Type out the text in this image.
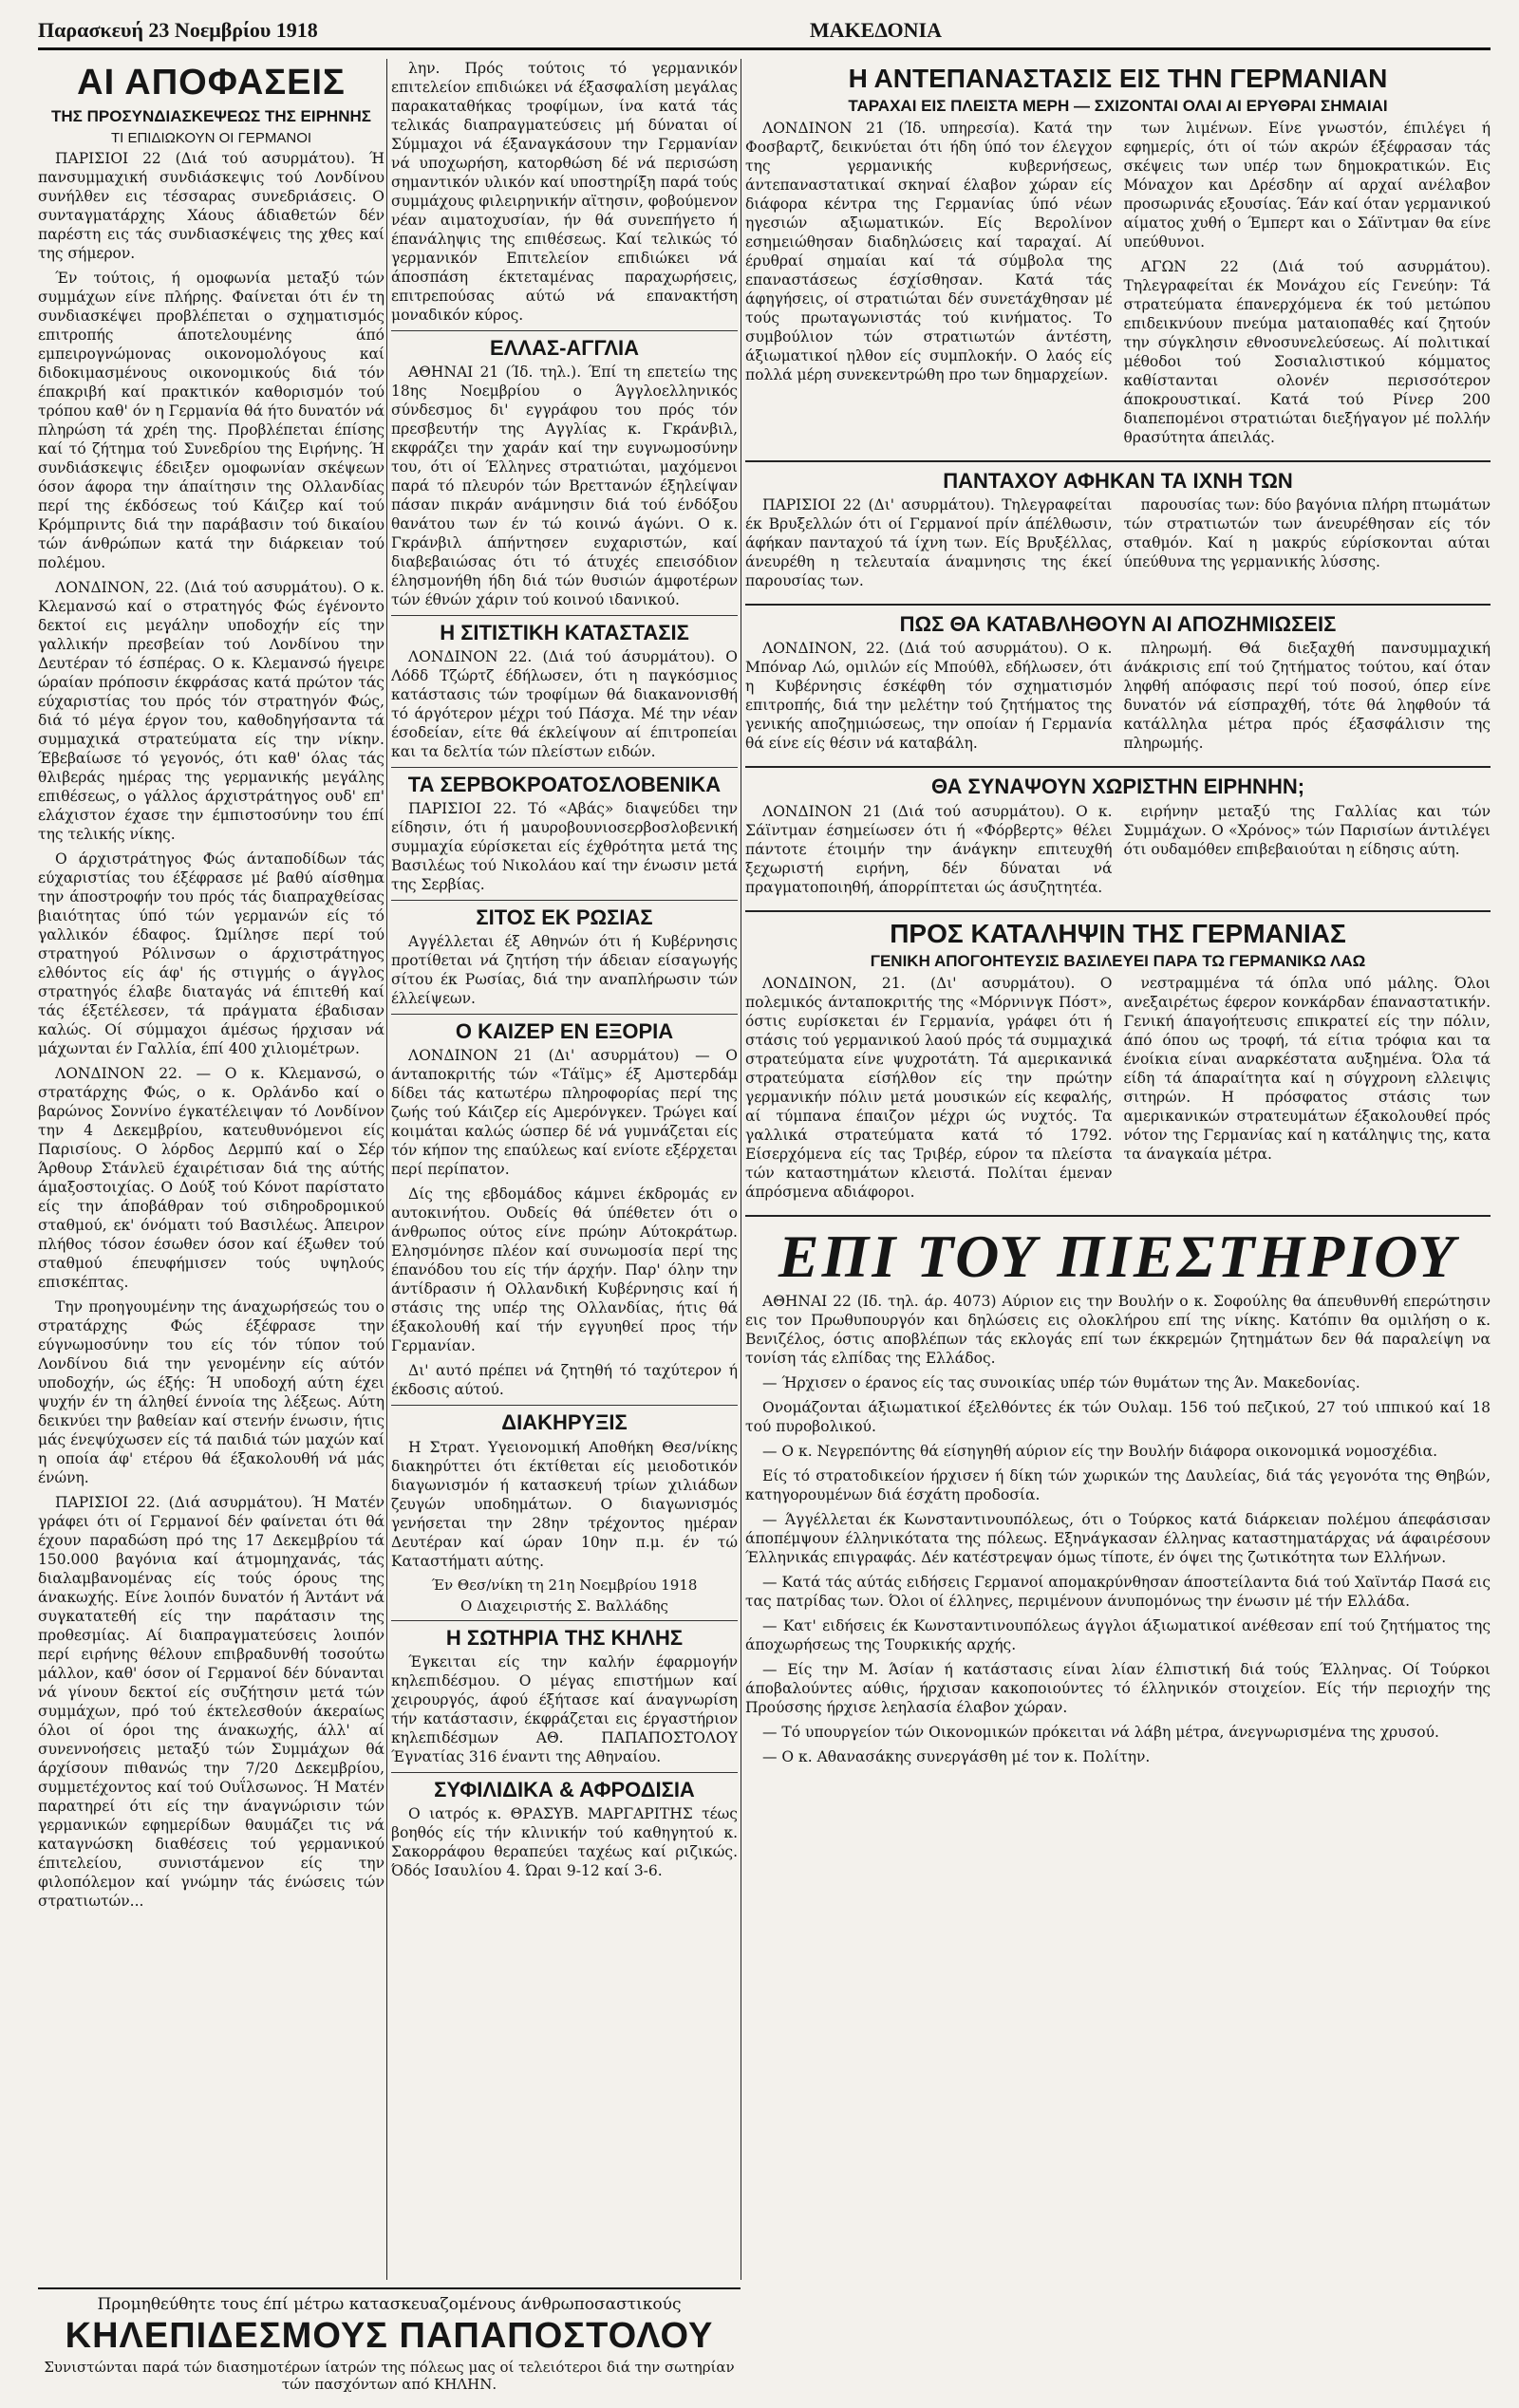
Παρασκευή 23 Νοεμβρίου 1918	ΜΑΚΕΔΟΝΙΑ
ΑΙ ΑΠΟΦΑΣΕΙΣ
ΤΗΣ ΠΡΟΣΥΝΔΙΑΣΚΕΨΕΩΣ ΤΗΣ ΕΙΡΗΝΗΣ
ΤΙ ΕΠΙΔΙΩΚΟΥΝ ΟΙ ΓΕΡΜΑΝΟΙ

ΠΑΡΙΣΙΟΙ 22 (Διά τού ασυρμάτου). Ή πανσυμμαχική συνδιάσκεψις τού Λονδίνου συνήλθεν εις τέσσαρας συνεδριάσεις. Ο συνταγματάρχης Χάους άδιαθετών δέν παρέστη εις τάς συνδιασκέψεις της χθες καί της σήμερον.

Έν τούτοις, ή ομοφωνία μεταξύ τών συμμάχων είνε πλήρης. Φαίνεται ότι έν τη συνδιασκέψει προβλέπεται ο σχηματισμός επιτροπής άποτελουμένης άπό εμπειρογνώμονας οικονομολόγους καί διδοκιμασμένους οικονομικούς διά τόν έπακριβή καί πρακτικόν καθορισμόν τού τρόπου καθ' όν η Γερμανία θά ήτο δυνατόν νά πληρώση τά χρέη της. Προβλέπεται έπίσης καί τό ζήτημα τού Συνεδρίου της Ειρήνης. Ή συνδιάσκεψις έδειξεν ομοφωνίαν σκέψεων όσον άφορα την άπαίτησιν της Ολλανδίας περί της έκδόσεως τού Κάιζερ καί τού Κρόμπριντς διά την παράβασιν τού δικαίου τών άνθρώπων κατά την διάρκειαν τού πολέμου.

ΛΟΝΔΙΝΟΝ, 22. (Διά τού ασυρμάτου). Ο κ. Κλεμανσώ καί ο στρατηγός Φώς έγένοντο δεκτοί εις μεγάλην υποδοχήν είς την γαλλικήν πρεσβείαν τού Λονδίνου την Δευτέραν τό έσπέρας. Ο κ. Κλεμανσώ ήγειρε ώραίαν πρόποσιν έκφράσας κατά πρώτον τάς εύχαριστίας του πρός τόν στρατηγόν Φώς, διά τό μέγα έργον του, καθοδηγήσαντα τά συμμαχικά στρατεύματα είς την νίκην. Έβεβαίωσε τό γεγονός, ότι καθ' όλας τάς θλιβεράς ημέρας της γερμανικής μεγάλης επιθέσεως, ο γάλλος άρχιστράτηγος ουδ' επ' ελάχιστον έχασε την έμπιστοσύνην του έπί της τελικής νίκης.

Ο άρχιστράτηγος Φώς άνταποδίδων τάς εύχαριστίας του έξέφρασε μέ βαθύ αίσθημα την άποστροφήν του πρός τάς διαπραχθείσας βιαιότητας ύπό τών γερμανών είς τό γαλλικόν έδαφος. Ώμίλησε περί τού στρατηγού Ρόλινσων ο άρχιστράτηγος ελθόντος είς άφ' ής στιγμής ο άγγλος στρατηγός έλαβε διαταγάς νά έπιτεθή καί τάς έξετέλεσεν, τά πράγματα έβαδισαν καλώς. Οί σύμμαχοι άμέσως ήρχισαν νά μάχωνται έν Γαλλία, έπί 400 χιλιομέτρων.

ΛΟΝΔΙΝΟΝ 22. — Ο κ. Κλεμανσώ, ο στρατάρχης Φώς, ο κ. Ορλάνδο καί ο βαρώνος Σοννίνο έγκατέλειψαν τό Λονδίνον την 4 Δεκεμβρίου, κατευθυνόμενοι είς Παρισίους. Ο λόρδος Δερμπύ καί ο Σέρ Άρθουρ Στάνλεϋ έχαιρέτισαν διά της αύτής άμαξοστοιχίας. Ο Δούξ τού Κόνοτ παρίστατο είς την άποβάθραν τού σιδηροδρομικού σταθμού, εκ' όνόματι τού Βασιλέως. Άπειρον πλήθος τόσον έσωθεν όσον καί έξωθεν τού σταθμού έπευφήμισεν τούς υψηλούς επισκέπτας.

Την προηγουμένην της άναχωρήσεώς του ο στρατάρχης Φώς έξέφρασε την εύγνωμοσύνην του είς τόν τύπον τού Λονδίνου διά την γενομένην είς αύτόν υποδοχήν, ώς έξής: Ή υποδοχή αύτη έχει ψυχήν έν τη άληθεί έννοία της λέξεως. Αύτη δεικνύει την βαθείαν καί στενήν ένωσιν, ήτις μάς ένεψύχωσεν είς τά παιδιά τών μαχών καί η οποία άφ' ετέρου θά έξακολουθή νά μάς ένώνη.

ΠΑΡΙΣΙΟΙ 22. (Διά ασυρμάτου). Ή Ματέν γράφει ότι οί Γερμανοί δέν φαίνεται ότι θά έχουν παραδώση πρό της 17 Δεκεμβρίου τά 150.000 βαγόνια καί άτμομηχανάς, τάς διαλαμβανομένας είς τούς όρους της άνακωχής. Είνε λοιπόν δυνατόν ή Άντάντ νά συγκατατεθή είς την παράτασιν της προθεσμίας. Αί διαπραγματεύσεις λοιπόν περί ειρήνης θέλουν επιβραδυνθή τοσούτω μάλλον, καθ' όσον οί Γερμανοί δέν δύνανται νά γίνουν δεκτοί είς συζήτησιν μετά τών συμμάχων, πρό τού έκτελεσθούν άκεραίως όλοι οί όροι της άνακωχής, άλλ' αί συνεννοήσεις μεταξύ τών Συμμάχων θά άρχίσουν πιθανώς την 7/20 Δεκεμβρίου, συμμετέχοντος καί τού Ουΐλσωνος. Ή Ματέν παρατηρεί ότι είς την άναγνώρισιν τών γερμανικών εφημερίδων θαυμάζει τις νά καταγνώσκη διαθέσεις τού γερμανικού έπιτελείου, συνιστάμενον είς την φιλοπόλεμον καί γνώμην τάς ένώσεις τών στρατιωτών...

λην. Πρός τούτοις τό γερμανικόν επιτελείον επιδιώκει νά έξασφαλίση μεγάλας παρακαταθήκας τροφίμων, ίνα κατά τάς τελικάς διαπραγματεύσεις μή δύναται οί Σύμμαχοι νά έξαναγκάσουν την Γερμανίαν νά υποχωρήση, κατορθώση δέ νά περισώση σημαντικόν υλικόν καί υποστηρίξη παρά τούς συμμάχους φιλειρηνικήν αϊτησιν, φοβούμενον νέαν αιματοχυσίαν, ήν θά συνεπήγετο ή έπανάληψις της επιθέσεως. Καί τελικώς τό γερμανικόν Επιτελείον επιδιώκει νά άποσπάση έκτεταμένας παραχωρήσεις, επιτρεπούσας αύτώ νά επανακτήση μοναδικόν κύρος.

ΕΛΛΑΣ-ΑΓΓΛΙΑ

ΑΘΗΝΑΙ 21 (Ίδ. τηλ.). Έπί τη επετείω της 18ης Νοεμβρίου ο Άγγλοελληνικός σύνδεσμος δι' εγγράφου του πρός τόν πρεσβευτήν της Αγγλίας κ. Γκράνβιλ, εκφράζει την χαράν καί την ευγνωμοσύνην του, ότι οί Έλληνες στρατιώται, μαχόμενοι παρά τό πλευρόν τών Βρεττανών έξηλείψαν πάσαν πικράν ανάμνησιν διά τού ένδόξου θανάτου των έν τώ κοινώ άγώνι. Ο κ. Γκράνβιλ άπήντησεν ευχαριστών, καί διαβεβαιώσας ότι τό άτυχές επεισόδιον έλησμονήθη ήδη διά τών θυσιών άμφοτέρων τών έθνών χάριν τού κοινού ιδανικού.

Η ΣΙΤΙΣΤΙΚΗ ΚΑΤΑΣΤΑΣΙΣ

ΛΟΝΔΙΝΟΝ 22. (Διά τού άσυρμάτου). Ο Λόδδ Τζώρτζ έδήλωσεν, ότι η παγκόσμιος κατάστασις τών τροφίμων θά διακανονισθή τό άργότερον μέχρι τού Πάσχα. Μέ την νέαν έσοδείαν, είτε θά έκλείψουν αί έπιτροπείαι και τα δελτία τών πλείστων ειδών.

ΤΑ ΣΕΡΒΟΚΡΟΑΤΟΣΛΟΒΕΝΙΚΑ

ΠΑΡΙΣΙΟΙ 22. Τό «Αβάς» διαψεύδει την είδησιν, ότι ή μαυροβουνιοσερβοσλοβενική συμμαχία εύρίσκεται είς έχθρότητα μετά της Βασιλέως τού Νικολάου καί την ένωσιν μετά της Σερβίας.

ΣΙΤΟΣ ΕΚ ΡΩΣΙΑΣ

Αγγέλλεται έξ Αθηνών ότι ή Κυβέρνησις προτίθεται νά ζητήση τήν άδειαν είσαγωγής σίτου έκ Ρωσίας, διά την αναπλήρωσιν τών έλλείψεων.

Ο ΚΑΙΖΕΡ ΕΝ ΕΞΟΡΙΑ

ΛΟΝΔΙΝΟΝ 21 (Δι' ασυρμάτου) — Ο άνταποκριτής τών «Τάϊμς» έξ Αμστερδάμ δίδει τάς κατωτέρω πληροφορίας περί της ζωής τού Κάιζερ είς Αμερόνγκεν. Τρώγει καί κοιμάται καλώς ώσπερ δέ νά γυμνάζεται είς τόν κήπον της επαύλεως καί ενίοτε εξέρχεται περί περίπατον.

Δίς της εβδομάδος κάμνει έκδρομάς εν αυτοκινήτου. Ουδείς θά ύπέθετεν ότι ο άνθρωπος ούτος είνε πρώην Αύτοκράτωρ. Ελησμόνησε πλέον καί συνωμοσία περί της έπανόδου του είς τήν άρχήν. Παρ' όλην την άντίδρασιν ή Ολλανδική Κυβέρνησις καί ή στάσις της υπέρ της Ολλανδίας, ήτις θά έξακολουθή καί τήν εγγυηθεί προς τήν Γερμανίαν.

Δι' αυτό πρέπει νά ζητηθή τό ταχύτερον ή έκδοσις αύτού.

ΔΙΑΚΗΡΥΞΙΣ

Η Στρατ. Υγειονομική Αποθήκη Θεσ/νίκης διακηρύττει ότι έκτίθεται είς μειοδοτικόν διαγωνισμόν ή κατασκευή τρίων χιλιάδων ζευγών υποδημάτων. Ο διαγωνισμός γενήσεται την 28ην τρέχοντος ημέραν Δευτέραν καί ώραν 10ην π.μ. έν τώ Καταστήματι αύτης.

Έν Θεσ/νίκη τη 21η Νοεμβρίου 1918
Ο Διαχειριστής Σ. Βαλλάδης
Η ΣΩΤΗΡΙΑ ΤΗΣ ΚΗΛΗΣ

Έγκειται είς την καλήν έφαρμογήν κηλεπιδέσμου. Ο μέγας επιστήμων καί χειρουργός, άφού έξήτασε καί άναγνωρίση τήν κατάστασιν, έκφράζεται εις έργαστήριον κηλεπιδέσμων ΑΘ. ΠΑΠΑΠΟΣΤΟΛΟΥ Έγνατίας 316 έναντι της Αθηναίου.

ΣΥΦΙΛΙΔΙΚΑ & ΑΦΡΟΔΙΣΙΑ

Ο ιατρός κ. ΘΡΑΣΥΒ. ΜΑΡΓΑΡΙΤΗΣ τέως βοηθός είς τήν κλινικήν τού καθηγητού κ. Σακορράφου θεραπεύει ταχέως καί ριζικώς. Όδός Ισαυλίου 4. Ώραι 9-12 καί 3-6.

Η ΑΝΤΕΠΑΝΑΣΤΑΣΙΣ ΕΙΣ ΤΗΝ ΓΕΡΜΑΝΙΑΝ
ΤΑΡΑΧΑΙ ΕΙΣ ΠΛΕΙΣΤΑ ΜΕΡΗ — ΣΧΙΖΟΝΤΑΙ ΟΛΑΙ ΑΙ ΕΡΥΘΡΑΙ ΣΗΜΑΙΑΙ

ΛΟΝΔΙΝΟΝ 21 (Ίδ. υπηρεσία). Κατά την Φοσβαρτζ, δεικνύεται ότι ήδη ύπό τον έλεγχον της γερμανικής κυβερνήσεως, άντεπαναστατικαί σκηναί έλαβον χώραν είς διάφορα κέντρα της Γερμανίας ύπό νέων ηγεσιών αξιωματικών. Είς Βερολίνον εσημειώθησαν διαδηλώσεις καί ταραχαί. Αί έρυθραί σημαίαι καί τά σύμβολα της επαναστάσεως έσχίσθησαν. Κατά τάς άφηγήσεις, οί στρατιώται δέν συνετάχθησαν μέ τούς πρωταγωνιστάς τού κινήματος. Το συμβούλιον τών στρατιωτών άντέστη, άξιωματικοί ηλθον είς συμπλοκήν. Ο λαός είς πολλά μέρη συνεκεντρώθη προ των δημαρχείων.

των λιμένων. Είνε γνωστόν, έπιλέγει ή εφημερίς, ότι οί τών ακρών έξέφρασαν τάς σκέψεις των υπέρ των δημοκρατικών. Εις Μόναχον και Δρέσδην αί αρχαί ανέλαβον προσωρινάς εξουσίας. Έάν καί όταν γερμανικού αίματος χυθή ο Έμπερτ και ο Σάϊντμαν θα είνε υπεύθυνοι.

ΑΓΩΝ 22 (Διά τού ασυρμάτου). Τηλεγραφείται έκ Μονάχου είς Γενεύην: Τά στρατεύματα έπανερχόμενα έκ τού μετώπου επιδεικνύουν πνεύμα ματαιοπαθές καί ζητούν την σύγκλησιν εθνοσυνελεύσεως. Αί πολιτικαί μέθοδοι τού Σοσιαλιστικού κόμματος καθίστανται ολονέν περισσότερον άποκρουστικαί. Κατά τού Ρίνερ 200 διαπεπομένοι στρατιώται διεξήγαγον μέ πολλήν θρασύτητα άπειλάς.

ΠΑΝΤΑΧΟΥ ΑΦΗΚΑΝ ΤΑ ΙΧΝΗ ΤΩΝ

ΠΑΡΙΣΙΟΙ 22 (Δι' ασυρμάτου). Τηλεγραφείται έκ Βρυξελλών ότι οί Γερμανοί πρίν άπέλθωσιν, άφήκαν πανταχού τά ίχνη των. Είς Βρυξέλλας, άνευρέθη η τελευταία άναμνησις της έκεί παρουσίας των.

παρουσίας των: δύο βαγόνια πλήρη πτωμάτων τών στρατιωτών των άνευρέθησαν είς τόν σταθμόν. Καί η μακρύς εύρίσκονται αύται ύπεύθυνα της γερμανικής λύσσης.

ΠΩΣ ΘΑ ΚΑΤΑΒΛΗΘΟΥΝ ΑΙ ΑΠΟΖΗΜΙΩΣΕΙΣ

ΛΟΝΔΙΝΟΝ, 22. (Διά τού ασυρμάτου). Ο κ. Μπόναρ Λώ, ομιλών είς Μπούθλ, εδήλωσεν, ότι η Κυβέρνησις έσκέφθη τόν σχηματισμόν επιτροπής, διά την μελέτην τού ζητήματος της γενικής αποζημιώσεως, την οποίαν ή Γερμανία θά είνε είς θέσιν νά καταβάλη.

πληρωμή. Θά διεξαχθή πανσυμμαχική άνάκρισις επί τού ζητήματος τούτου, καί όταν ληφθή απόφασις περί τού ποσού, όπερ είνε δυνατόν νά είσπραχθή, τότε θά ληφθούν τά κατάλληλα μέτρα πρός έξασφάλισιν της πληρωμής.

ΘΑ ΣΥΝΑΨΟΥΝ ΧΩΡΙΣΤΗΝ ΕΙΡΗΝΗΝ;

ΛΟΝΔΙΝΟΝ 21 (Διά τού ασυρμάτου). Ο κ. Σάϊντμαν έσημείωσεν ότι ή «Φόρβερτς» θέλει πάντοτε έτοιμήν την άνάγκην επιτευχθή ξεχωριστή ειρήνη, δέν δύναται νά πραγματοποιηθή, άπορρίπτεται ώς άσυζητητέα.

ειρήνην μεταξύ της Γαλλίας και τών Συμμάχων. Ο «Χρόνος» τών Παρισίων άντιλέγει ότι ουδαμόθεν επιβεβαιούται η είδησις αύτη.

ΠΡΟΣ ΚΑΤΑΛΗΨΙΝ ΤΗΣ ΓΕΡΜΑΝΙΑΣ
ΓΕΝΙΚΗ ΑΠΟΓΟΗΤΕΥΣΙΣ ΒΑΣΙΛΕΥΕΙ ΠΑΡΑ ΤΩ ΓΕΡΜΑΝΙΚΩ ΛΑΩ

ΛΟΝΔΙΝΟΝ, 21. (Δι' ασυρμάτου). Ο πολεμικός άνταποκριτής της «Μόρνινγκ Πόστ», όστις ευρίσκεται έν Γερμανία, γράφει ότι ή στάσις τού γερμανικού λαού πρός τά συμμαχικά στρατεύματα είνε ψυχροτάτη. Τά αμερικανικά στρατεύματα είσήλθον είς την πρώτην γερμανικήν πόλιν μετά μουσικών είς κεφαλής, αί τύμπανα έπαιζον μέχρι ώς νυχτός. Τα γαλλικά στρατεύματα κατά τό 1792. Είσερχόμενα είς τας Τριβέρ, εύρον τα πλείστα τών καταστημάτων κλειστά. Πολίται έμεναν άπρόσμενα αδιάφοροι.

νεστραμμένα τά όπλα υπό μάλης. Όλοι ανεξαιρέτως έφερον κονκάρδαν έπαναστατικήν. Γενική άπαγοήτευσις επικρατεί είς την πόλιν, άπό όπου ως τροφή, τά είτια τρόφια και τα ένοίκια είναι αναρκέστατα αυξημένα. Όλα τά είδη τά άπαραίτητα καί η σύγχρονη ελλειψις σιτηρών. Η πρόσφατος στάσις των αμερικανικών στρατευμάτων έξακολουθεί πρός νότον της Γερμανίας καί η κατάληψις της, κατα τα άναγκαία μέτρα.

ΕΠΙ ΤΟΥ ΠΙΕΣΤΗΡΙΟΥ

ΑΘΗΝΑΙ 22 (Ιδ. τηλ. άρ. 4073) Αύριον εις την Βουλήν ο κ. Σοφούλης θα άπευθυνθή επερώτησιν εις τον Πρωθυπουργόν και δηλώσεις εις ολοκλήρου επί της νίκης. Κατόπιν θα ομιλήση ο κ. Βενιζέλος, όστις αποβλέπων τάς εκλογάς επί των έκκρεμών ζητημάτων δεν θά παραλείψη να τονίση τάς ελπίδας της Ελλάδος.

— Ήρχισεν ο έρανος είς τας συνοικίας υπέρ τών θυμάτων της Άν. Μακεδονίας.

Ονομάζονται άξιωματικοί έξελθόντες έκ τών Ουλαμ. 156 τού πεζικού, 27 τού ιππικού καί 18 τού πυροβολικού.

— Ο κ. Νεγρεπόντης θά είσηγηθή αύριον είς την Βουλήν διάφορα οικονομικά νομοσχέδια.

Είς τό στρατοδικείον ήρχισεν ή δίκη τών χωρικών της Δαυλείας, διά τάς γεγονότα της Θηβών, κατηγορουμένων διά έσχάτη προδοσία.

— Άγγέλλεται έκ Κωνσταντινουπόλεως, ότι ο Τούρκος κατά διάρκειαν πολέμου άπεφάσισαν άποπέμψουν έλληνικότατα της πόλεως. Εξηνάγκασαν έλληνας καταστηματάρχας νά άφαιρέσουν Έλληνικάς επιγραφάς. Δέν κατέστρεψαν όμως τίποτε, έν όψει της ζωτικότητα των Ελλήνων.

— Κατά τάς αύτάς ειδήσεις Γερμανοί απομακρύνθησαν άποστείλαντα διά τού Χαϊντάρ Πασά εις τας πατρίδας των. Όλοι οί έλληνες, περιμένουν άνυπομόνως την ένωσιν μέ τήν Ελλάδα.

— Κατ' ειδήσεις έκ Κωνσταντινουπόλεως άγγλοι άξιωματικοί ανέθεσαν επί τού ζητήματος της άποχωρήσεως της Τουρκικής αρχής.

— Είς την Μ. Άσίαν ή κατάστασις είναι λίαν έλπιστική διά τούς Έλληνας. Οί Τούρκοι άποβαλούντες αύθις, ήρχισαν κακοποιούντες τό έλληνικόν στοιχείον. Είς τήν περιοχήν της Προύσσης ήρχισε λεηλασία έλαβον χώραν.

— Τό υπουργείον τών Οικονομικών πρόκειται νά λάβη μέτρα, άνεγνωρισμένα της χρυσού.

— Ο κ. Αθανασάκης συνεργάσθη μέ τον κ. Πολίτην.

Προμηθεύθητε τους έπί μέτρω κατασκευαζομένους άνθρωποσαστικούς
ΚΗΛΕΠΙΔΕΣΜΟΥΣ ΠΑΠΑΠΟΣΤΟΛΟΥ
Συνιστώνται παρά τών διασημοτέρων ίατρών της πόλεως μας οί τελειότεροι διά την σωτηρίαν τών πασχόντων από ΚΗΛΗΝ.
